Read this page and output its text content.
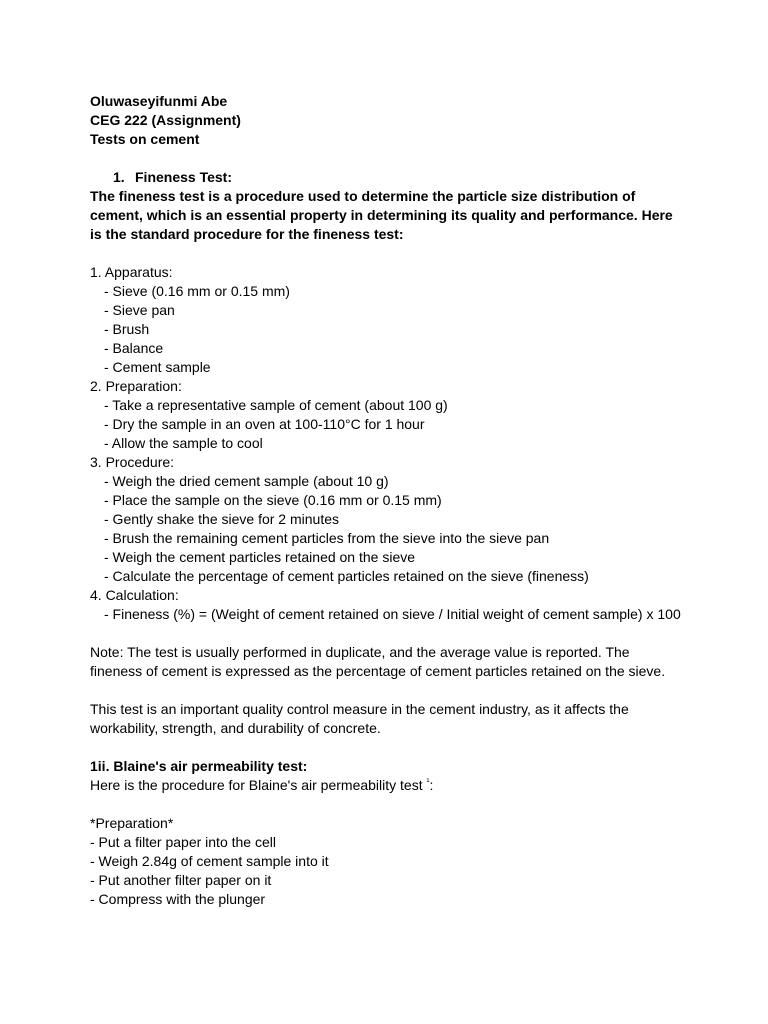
Oluwaseyifunmi Abe

CEG 222 (Assignment)

Tests on cement

1. Fineness Test:

The fineness test is a procedure used to determine the particle size distribution of

cement, which is an essential property in determining its quality and performance. Here

is the standard procedure for the fineness test:

1. Apparatus:

- Sieve (0.16 mm or 0.15 mm)

- Sieve pan

- Brush

- Balance

- Cement sample

2. Preparation:

- Take a representative sample of cement (about 100 g)

- Dry the sample in an oven at 100-110°C for 1 hour

- Allow the sample to cool

3. Procedure:

- Weigh the dried cement sample (about 10 g)

- Place the sample on the sieve (0.16 mm or 0.15 mm)

- Gently shake the sieve for 2 minutes

- Brush the remaining cement particles from the sieve into the sieve pan

- Weigh the cement particles retained on the sieve

- Calculate the percentage of cement particles retained on the sieve (fineness)

4. Calculation:

- Fineness (%) = (Weight of cement retained on sieve / Initial weight of cement sample) x 100

Note: The test is usually performed in duplicate, and the average value is reported. The

fineness of cement is expressed as the percentage of cement particles retained on the sieve.

This test is an important quality control measure in the cement industry, as it affects the

workability, strength, and durability of concrete.

1ii. Blaine's air permeability test:

Here is the procedure for Blaine's air permeability test $^{^1}$:

*Preparation*

- Put a filter paper into the cell

- Weigh 2.84g of cement sample into it

- Put another filter paper on it

- Compress with the plunger
